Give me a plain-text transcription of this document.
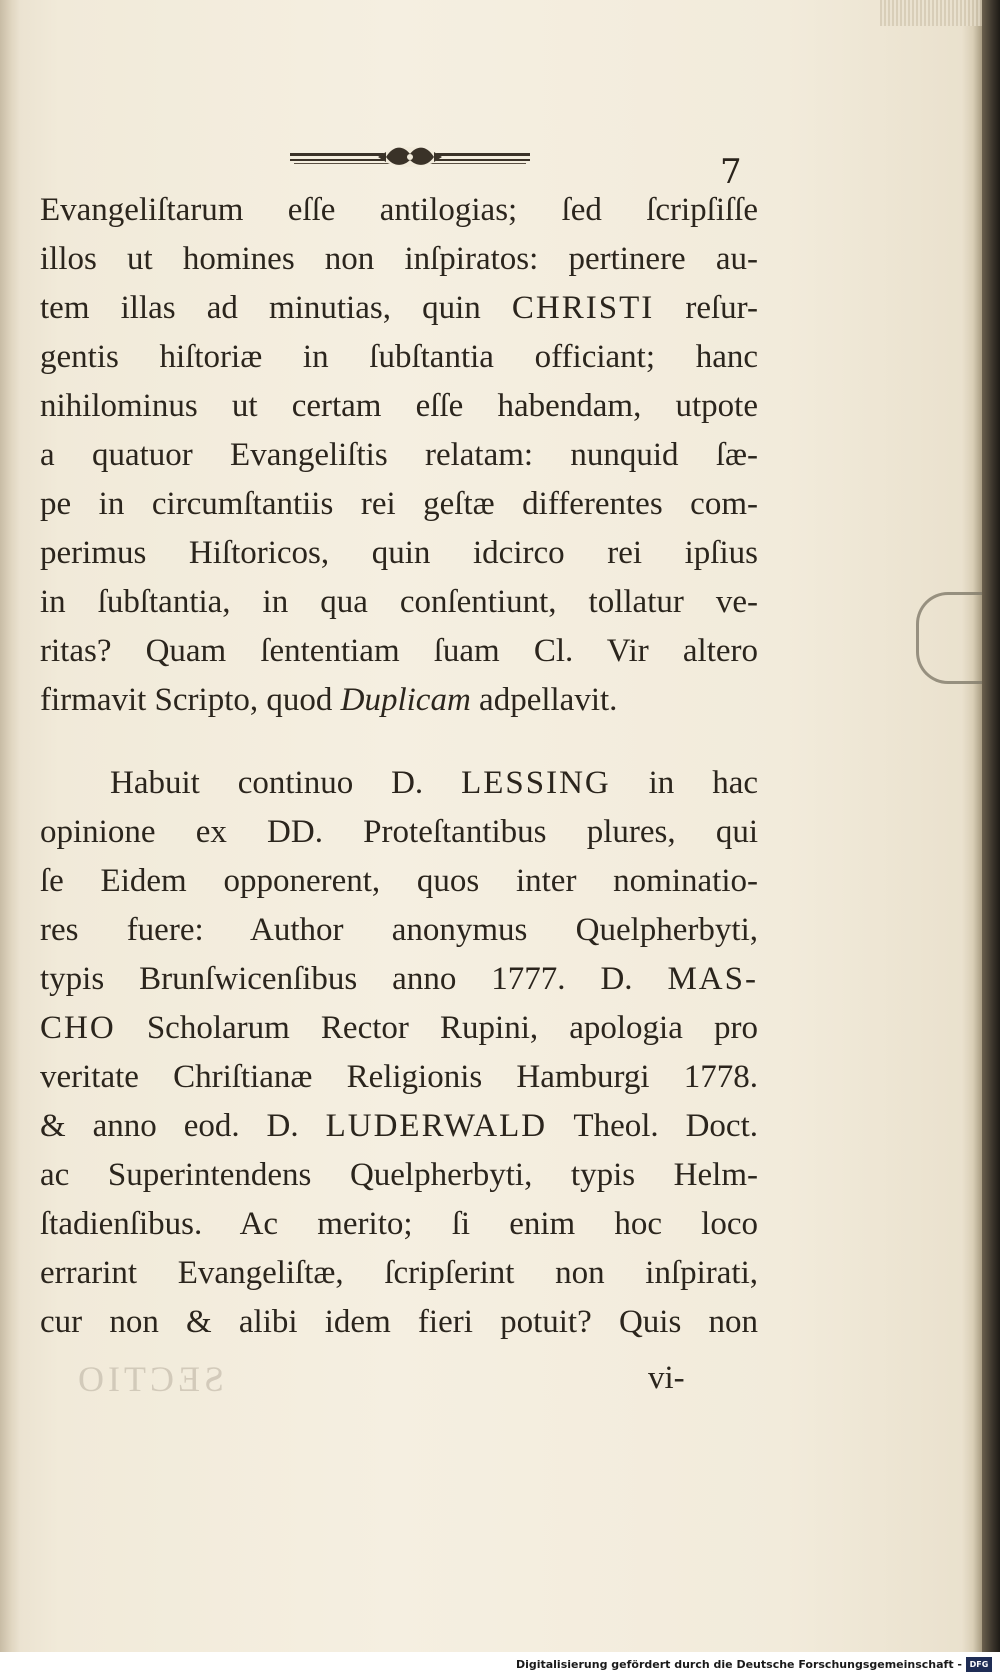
7
Evangeliſtarum eſſe antilogias; ſed ſcripſiſſe
illos ut homines non inſpiratos: pertinere au-
tem illas ad minutias, quin CHRISTI reſur-
gentis hiſtoriæ in ſubſtantia officiant; hanc
nihilominus ut certam eſſe habendam, utpote
a quatuor Evangeliſtis relatam: nunquid ſæ-
pe in circumſtantiis rei geſtæ differentes com-
perimus Hiſtoricos, quin idcirco rei ipſius
in ſubſtantia, in qua conſentiunt, tollatur ve-
ritas? Quam ſententiam ſuam Cl. Vir altero
firmavit Scripto, quod Duplicam adpellavit.
Habuit continuo D. LESSING in hac
opinione ex DD. Proteſtantibus plures, qui
ſe Eidem opponerent, quos inter nominatio-
res fuere: Author anonymus Quelpherbyti,
typis Brunſwicenſibus anno 1777. D. MAS-
CHO Scholarum Rector Rupini, apologia pro
veritate Chriſtianæ Religionis Hamburgi 1778.
& anno eod. D. LUDERWALD Theol. Doct.
ac Superintendens Quelpherbyti, typis Helm-
ſtadienſibus. Ac merito; ſi enim hoc loco
errarint Evangeliſtæ, ſcripſerint non inſpirati,
cur non & alibi idem fieri potuit? Quis non
SECTIO	vi-
Digitalisierung gefördert durch die Deutsche Forschungsgemeinschaft - DFG
